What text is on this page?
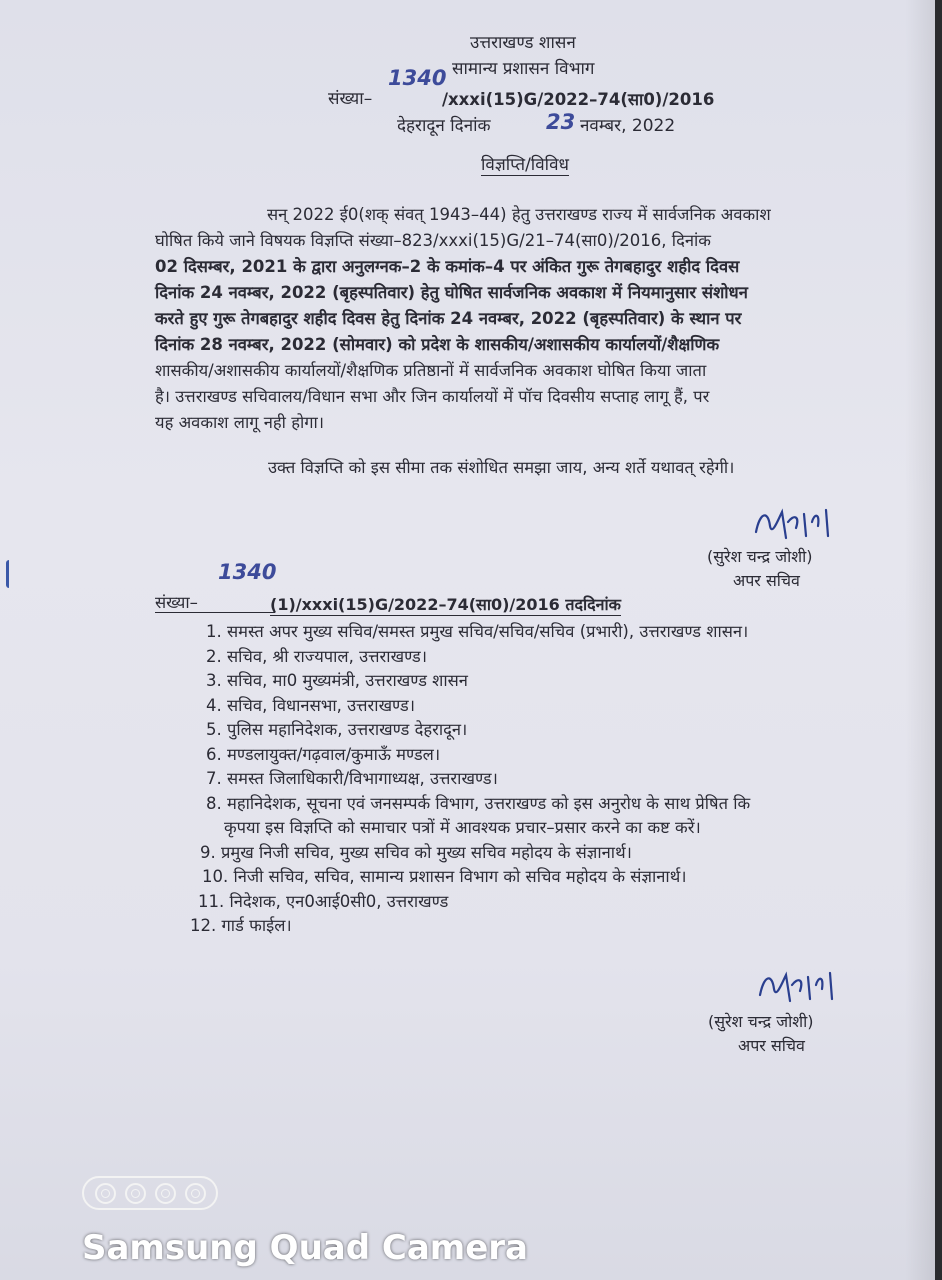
उत्तराखण्ड शासन
सामान्य प्रशासन विभाग
संख्या–
1340
/xxxi(15)G/2022–74(सा0)/2016
देहरादून दिनांक	23 नवम्बर, 2022
विज्ञप्ति/विविध
सन् 2022 ई0(शक् संवत् 1943–44) हेतु उत्तराखण्ड राज्य में सार्वजनिक अवकाश
घोषित किये जाने विषयक विज्ञप्ति संख्या–823/xxxi(15)G/21–74(सा0)/2016, दिनांक
02 दिसम्बर, 2021 के द्वारा अनुलग्नक–2 के कमांक–4 पर अंकित गुरू तेगबहादुर शहीद दिवस
दिनांक 24 नवम्बर, 2022 (बृहस्पतिवार) हेतु घोषित सार्वजनिक अवकाश में नियमानुसार संशोधन
करते हुए गुरू तेगबहादुर शहीद दिवस हेतु दिनांक 24 नवम्बर, 2022 (बृहस्पतिवार) के स्थान पर
दिनांक 28 नवम्बर, 2022 (सोमवार) को प्रदेश के शासकीय/अशासकीय कार्यालयों/शैक्षणिक
शासकीय/अशासकीय कार्यालयों/शैक्षणिक प्रतिष्ठानों में सार्वजनिक अवकाश घोषित किया जाता
है। उत्तराखण्ड सचिवालय/विधान सभा और जिन कार्यालयों में पॉच दिवसीय सप्ताह लागू हैं, पर
यह अवकाश लागू नही होगा।
उक्त विज्ञप्ति को इस सीमा तक संशोधित समझा जाय, अन्य शर्ते यथावत् रहेगी।
(सुरेश चन्द्र जोशी)
अपर सचिव
संख्या–
1340
(1)/xxxi(15)G/2022–74(सा0)/2016 तददिनांक
1. समस्त अपर मुख्य सचिव/समस्त प्रमुख सचिव/सचिव/सचिव (प्रभारी), उत्तराखण्ड शासन।
2. सचिव, श्री राज्यपाल, उत्तराखण्ड।
3. सचिव, मा0 मुख्यमंत्री, उत्तराखण्ड शासन
4. सचिव, विधानसभा, उत्तराखण्ड।
5. पुलिस महानिदेशक, उत्तराखण्ड देहरादून।
6. मण्डलायुक्त/गढ़वाल/कुमाऊँ मण्डल।
7. समस्त जिलाधिकारी/विभागाध्यक्ष, उत्तराखण्ड।
8. महानिदेशक, सूचना एवं जनसम्पर्क विभाग, उत्तराखण्ड को इस अनुरोध के साथ प्रेषित कि
कृपया इस विज्ञप्ति को समाचार पत्रों में आवश्यक प्रचार–प्रसार करने का कष्ट करें।
9. प्रमुख निजी सचिव, मुख्य सचिव को मुख्य सचिव महोदय के संज्ञानार्थ।
10. निजी सचिव, सचिव, सामान्य प्रशासन विभाग को सचिव महोदय के संज्ञानार्थ।
11. निदेशक, एन0आई0सी0, उत्तराखण्ड
12. गार्ड फाईल।
(सुरेश चन्द्र जोशी)
अपर सचिव
Samsung Quad Camera
